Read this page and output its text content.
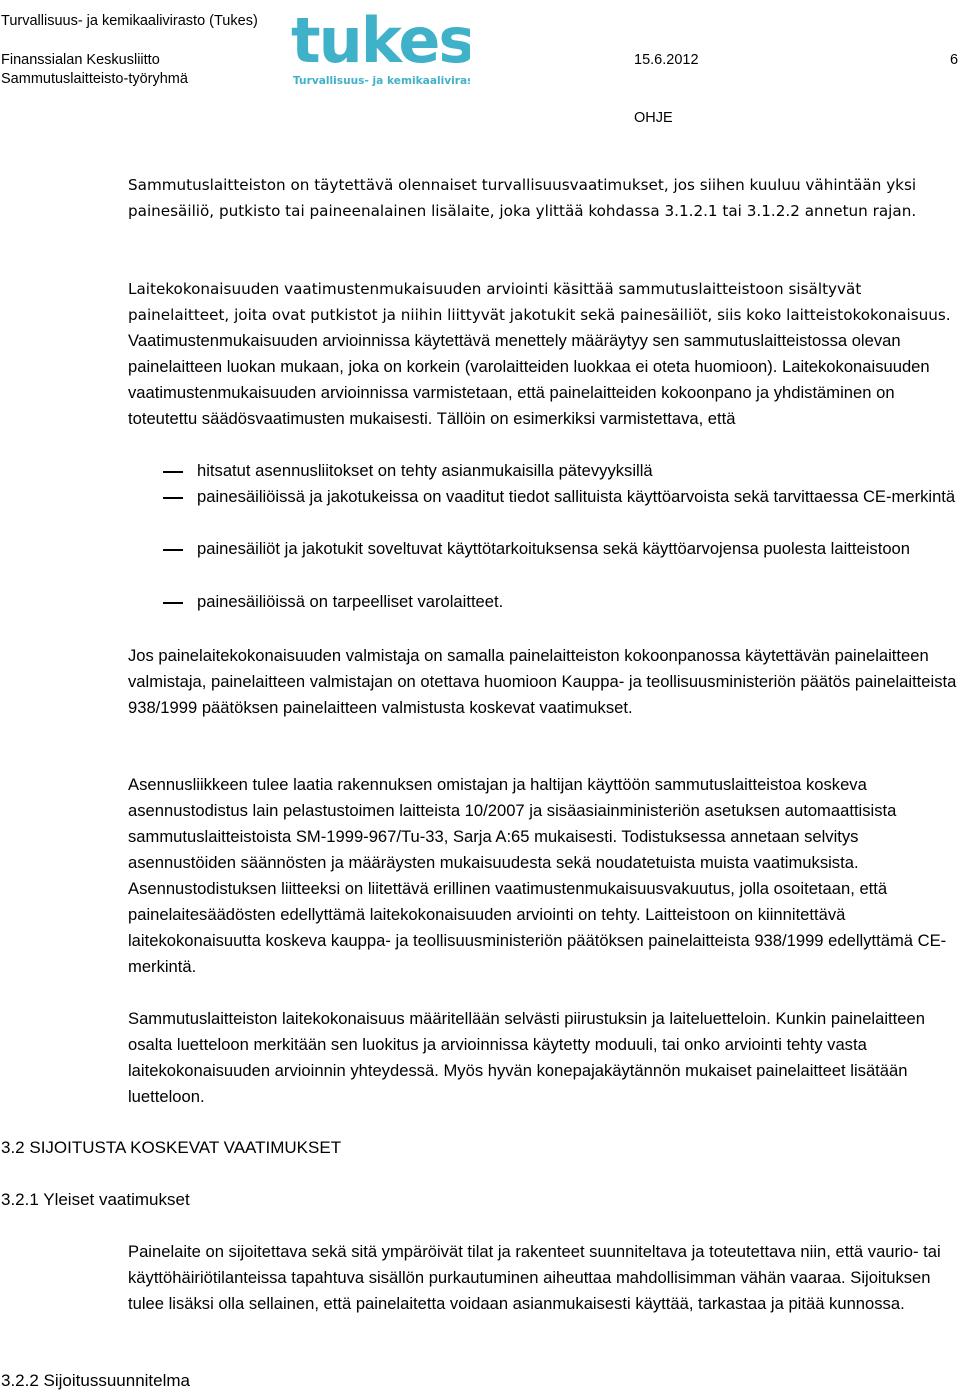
Turvallisuus- ja kemikaalivirasto (Tukes)
Finanssialan Keskusliitto
Sammutuslaitteisto-työryhmä
15.6.2012	6
OHJE
tukes
Turvallisuus- ja kemikaalivirasto
Sammutuslaitteiston on täytettävä olennaiset turvallisuusvaatimukset, jos siihen kuuluu vähintään yksi painesäiliö, putkisto tai paineenalainen lisälaite, joka ylittää kohdassa 3.1.2.1 tai 3.1.2.2 annetun rajan.
Laitekokonaisuuden vaatimustenmukaisuuden arviointi käsittää sammutuslaitteistoon sisältyvät painelaitteet, joita ovat putkistot ja niihin liittyvät jakotukit sekä painesäiliöt, siis koko laitteistokokonaisuus. Vaatimustenmukaisuuden arvioinnissa käytettävä menettely määräytyy sen sammutuslaitteistossa olevan painelaitteen luokan mukaan, joka on korkein (varolaitteiden luokkaa ei oteta huomioon). Laitekokonaisuuden vaatimustenmukaisuuden arvioinnissa varmistetaan, että painelaitteiden kokoonpano ja yhdistäminen on toteutettu säädösvaatimusten mukaisesti. Tällöin on esimerkiksi varmistettava, että
hitsatut asennusliitokset on tehty asianmukaisilla pätevyyksillä
painesäiliöissä ja jakotukeissa on vaaditut tiedot sallituista käyttöarvoista sekä tarvittaessa CE-merkintä
painesäiliöt ja jakotukit soveltuvat käyttötarkoituksensa sekä käyttöarvojensa puolesta laitteistoon
painesäiliöissä on tarpeelliset varolaitteet.
Jos painelaitekokonaisuuden valmistaja on samalla painelaitteiston kokoonpanossa käytettävän painelaitteen valmistaja, painelaitteen valmistajan on otettava huomioon Kauppa- ja teollisuusministeriön päätös painelaitteista 938/1999 päätöksen painelaitteen valmistusta koskevat vaatimukset.
Asennusliikkeen tulee laatia rakennuksen omistajan ja haltijan käyttöön sammutuslaitteistoa koskeva asennustodistus lain pelastustoimen laitteista 10/2007 ja sisäasiainministeriön asetuksen automaattisista sammutuslaitteistoista SM-1999-967/Tu-33, Sarja A:65 mukaisesti. Todistuksessa annetaan selvitys asennustöiden säännösten ja määräysten mukaisuudesta sekä noudatetuista muista vaatimuksista. Asennustodistuksen liitteeksi on liitettävä erillinen vaatimustenmukaisuusvakuutus, jolla osoitetaan, että painelaitesäädösten edellyttämä laitekokonaisuuden arviointi on tehty. Laitteistoon on kiinnitettävä laitekokonaisuutta koskeva kauppa- ja teollisuusministeriön päätöksen painelaitteista 938/1999 edellyttämä CE-merkintä.
Sammutuslaitteiston laitekokonaisuus määritellään selvästi piirustuksin ja laiteluetteloin. Kunkin painelaitteen osalta luetteloon merkitään sen luokitus ja arvioinnissa käytetty moduuli, tai onko arviointi tehty vasta laitekokonaisuuden arvioinnin yhteydessä. Myös hyvän konepajakäytännön mukaiset painelaitteet lisätään luetteloon.
3.2 SIJOITUSTA KOSKEVAT VAATIMUKSET
3.2.1 Yleiset vaatimukset
Painelaite on sijoitettava sekä sitä ympäröivät tilat ja rakenteet suunniteltava ja toteutettava niin, että vaurio- tai käyttöhäiriötilanteissa tapahtuva sisällön purkautuminen aiheuttaa mahdollisimman vähän vaaraa. Sijoituksen tulee lisäksi olla sellainen, että painelaitetta voidaan asianmukaisesti käyttää, tarkastaa ja pitää kunnossa.
3.2.2 Sijoitussuunnitelma
